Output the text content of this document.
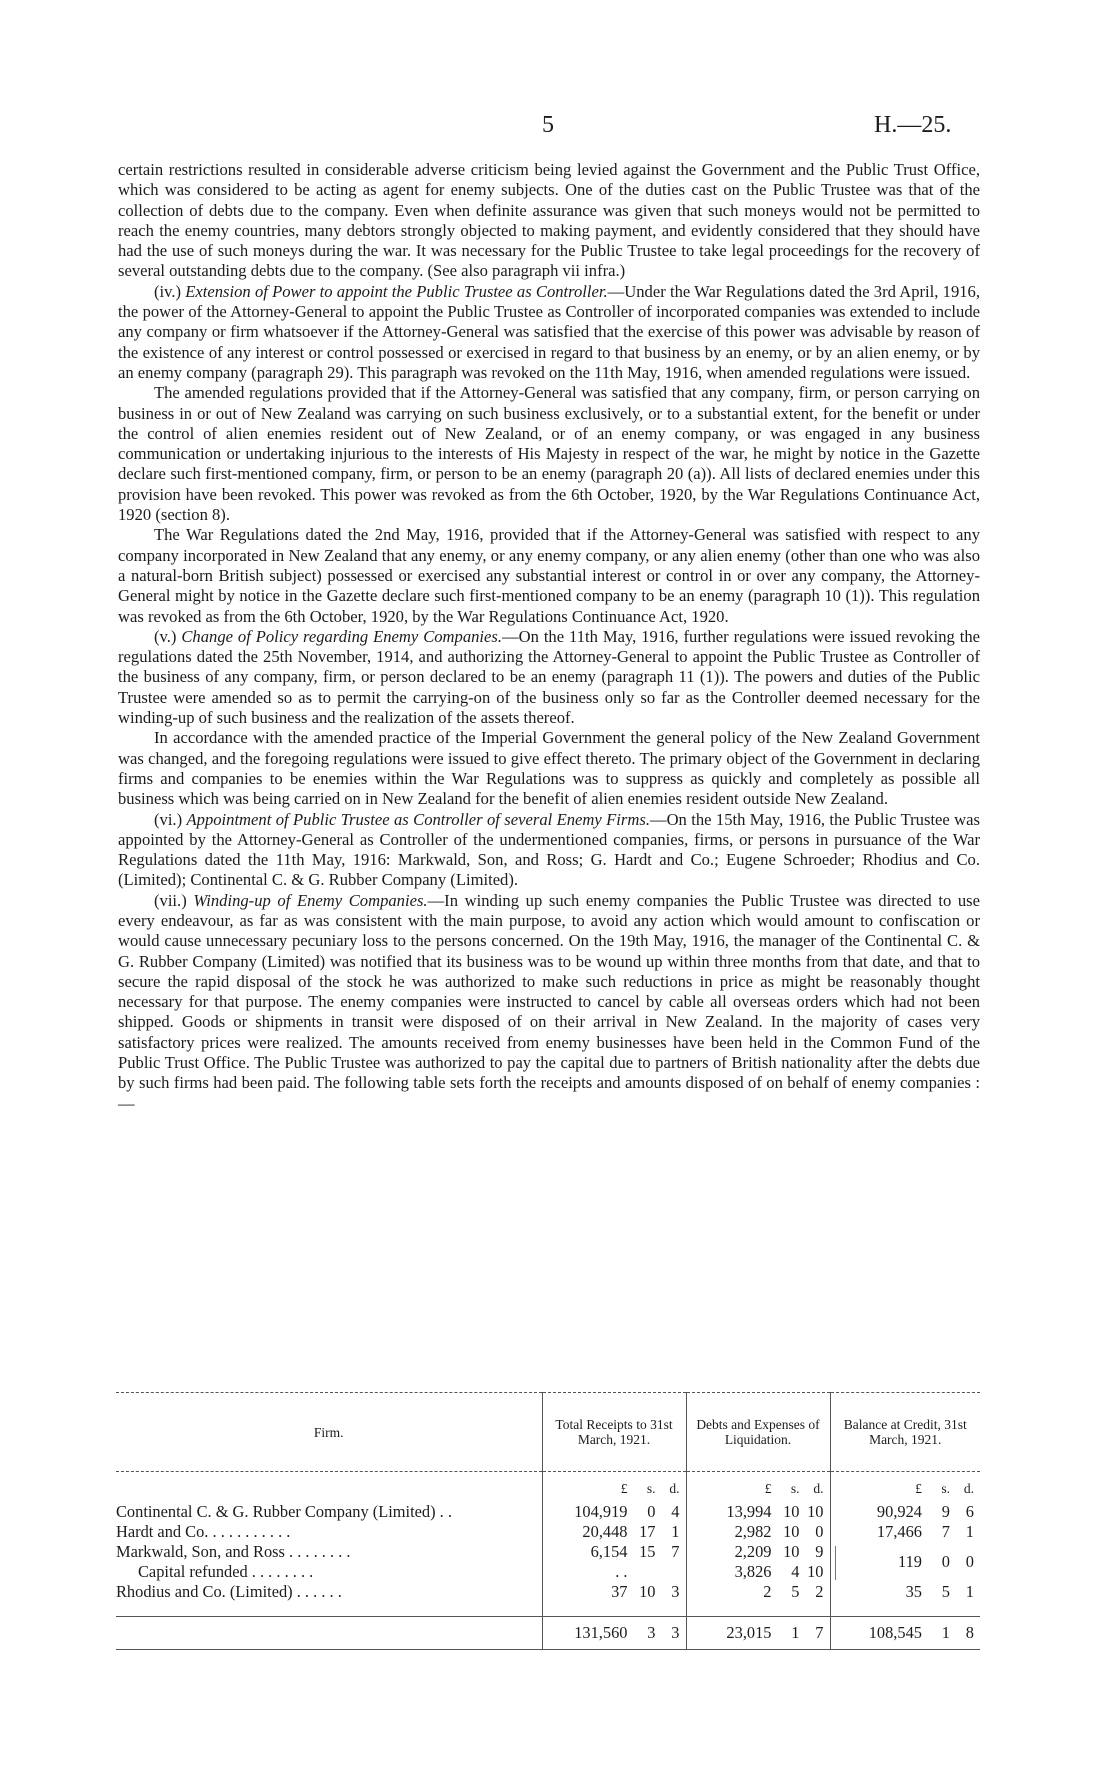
5	H.—25.

certain restrictions resulted in considerable adverse criticism being levied against the Government and the Public Trust Office, which was considered to be acting as agent for enemy subjects. One of the duties cast on the Public Trustee was that of the collection of debts due to the company. Even when definite assurance was given that such moneys would not be permitted to reach the enemy countries, many debtors strongly objected to making payment, and evidently considered that they should have had the use of such moneys during the war. It was necessary for the Public Trustee to take legal proceedings for the recovery of several outstanding debts due to the company. (See also paragraph vii infra.)

(iv.) Extension of Power to appoint the Public Trustee as Controller.—Under the War Regulations dated the 3rd April, 1916, the power of the Attorney-General to appoint the Public Trustee as Controller of incorporated companies was extended to include any company or firm whatsoever if the Attorney-General was satisfied that the exercise of this power was advisable by reason of the existence of any interest or control possessed or exercised in regard to that business by an enemy, or by an alien enemy, or by an enemy company (paragraph 29). This paragraph was revoked on the 11th May, 1916, when amended regulations were issued.

The amended regulations provided that if the Attorney-General was satisfied that any company, firm, or person carrying on business in or out of New Zealand was carrying on such business exclusively, or to a substantial extent, for the benefit or under the control of alien enemies resident out of New Zealand, or of an enemy company, or was engaged in any business communication or undertaking injurious to the interests of His Majesty in respect of the war, he might by notice in the Gazette declare such first-mentioned company, firm, or person to be an enemy (paragraph 20 (a)). All lists of declared enemies under this provision have been revoked. This power was revoked as from the 6th October, 1920, by the War Regulations Continuance Act, 1920 (section 8).

The War Regulations dated the 2nd May, 1916, provided that if the Attorney-General was satisfied with respect to any company incorporated in New Zealand that any enemy, or any enemy company, or any alien enemy (other than one who was also a natural-born British subject) possessed or exercised any substantial interest or control in or over any company, the Attorney-General might by notice in the Gazette declare such first-mentioned company to be an enemy (paragraph 10 (1)). This regulation was revoked as from the 6th October, 1920, by the War Regulations Continuance Act, 1920.

(v.) Change of Policy regarding Enemy Companies.—On the 11th May, 1916, further regulations were issued revoking the regulations dated the 25th November, 1914, and authorizing the Attorney-General to appoint the Public Trustee as Controller of the business of any company, firm, or person declared to be an enemy (paragraph 11 (1)). The powers and duties of the Public Trustee were amended so as to permit the carrying-on of the business only so far as the Controller deemed necessary for the winding-up of such business and the realization of the assets thereof.

In accordance with the amended practice of the Imperial Government the general policy of the New Zealand Government was changed, and the foregoing regulations were issued to give effect thereto. The primary object of the Government in declaring firms and companies to be enemies within the War Regulations was to suppress as quickly and completely as possible all business which was being carried on in New Zealand for the benefit of alien enemies resident outside New Zealand.

(vi.) Appointment of Public Trustee as Controller of several Enemy Firms.—On the 15th May, 1916, the Public Trustee was appointed by the Attorney-General as Controller of the undermentioned companies, firms, or persons in pursuance of the War Regulations dated the 11th May, 1916: Markwald, Son, and Ross; G. Hardt and Co.; Eugene Schroeder; Rhodius and Co. (Limited); Continental C. & G. Rubber Company (Limited).

(vii.) Winding-up of Enemy Companies.—In winding up such enemy companies the Public Trustee was directed to use every endeavour, as far as was consistent with the main purpose, to avoid any action which would amount to confiscation or would cause unnecessary pecuniary loss to the persons concerned. On the 19th May, 1916, the manager of the Continental C. & G. Rubber Company (Limited) was notified that its business was to be wound up within three months from that date, and that to secure the rapid disposal of the stock he was authorized to make such reductions in price as might be reasonably thought necessary for that purpose. The enemy companies were instructed to cancel by cable all overseas orders which had not been shipped. Goods or shipments in transit were disposed of on their arrival in New Zealand. In the majority of cases very satisfactory prices were realized. The amounts received from enemy businesses have been held in the Common Fund of the Public Trust Office. The Public Trustee was authorized to pay the capital due to partners of British nationality after the debts due by such firms had been paid. The following table sets forth the receipts and amounts disposed of on behalf of enemy companies :—

Firm.	Total Receipts to 31st March, 1921.	Debts and Expenses of Liquidation.	Balance at Credit, 31st March, 1921.

	£ s. d.	£ s. d.	£ s. d.

Continental C. & G. Rubber Company (Limited) . .	104,919 0 4	13,994 10 10	90,924 9 6

Hardt and Co. . . . . . . . . . .	20,448 17 1	2,982 10 0	17,466 7 1

Markwald, Son, and Ross . . . . . . . .	6,154 15 7	2,209 10 9	119 0 0

Capital refunded . . . . . . . .	. .	3,826 4 10	

Rhodius and Co. (Limited) . . . . . .	37 10 3	2 5 2	35 5 1

	131,560 3 3	23,015 1 7	108,545 1 8
